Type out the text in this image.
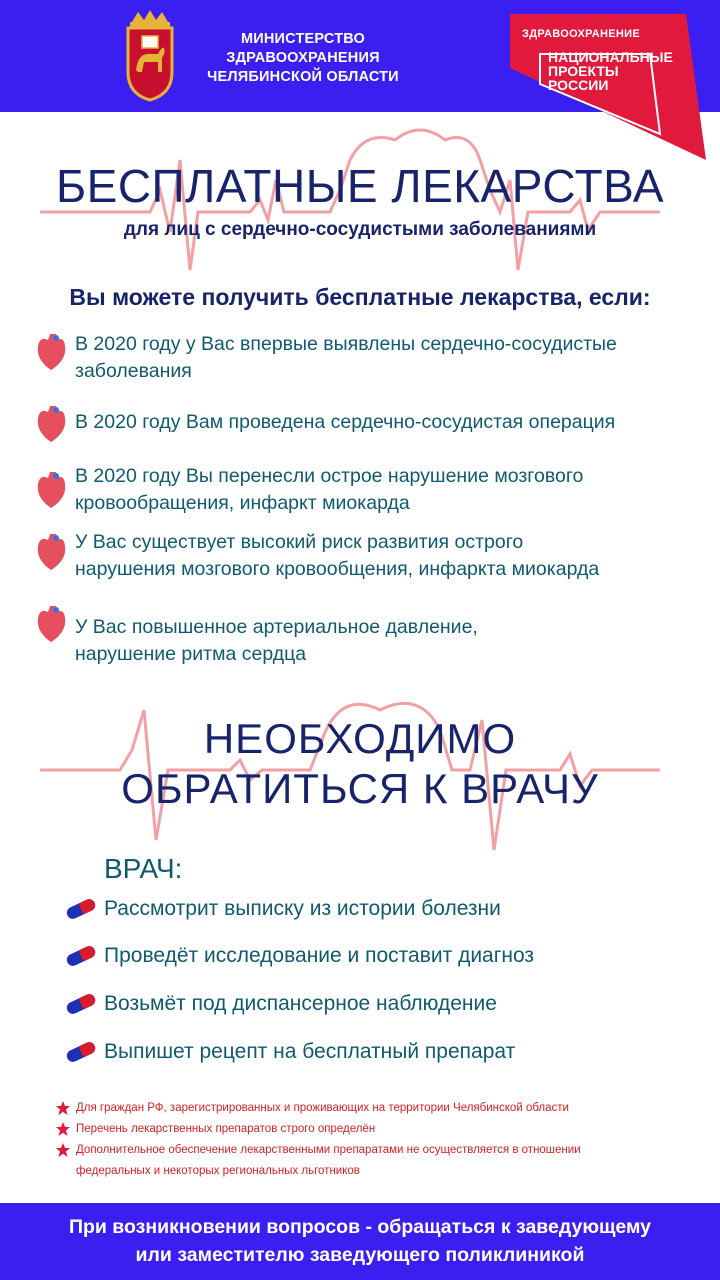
МИНИСТЕРСТВО
ЗДРАВООХРАНЕНИЯ
ЧЕЛЯБИНСКОЙ ОБЛАСТИ
ЗДРАВООХРАНЕНИЕ
НАЦИОНАЛЬНЫЕ
ПРОЕКТЫ
РОССИИ
БЕСПЛАТНЫЕ ЛЕКАРСТВА
для лиц с сердечно-сосудистыми заболеваниями
Вы можете получить бесплатные лекарства, если:
В 2020 году у Вас впервые выявлены сердечно-сосудистые
заболевания
В 2020 году Вам проведена сердечно-сосудистая операция
В 2020 году Вы перенесли острое нарушение мозгового
кровообращения, инфаркт миокарда
У Вас существует высокий риск развития острого
нарушения мозгового кровообщения, инфаркта миокарда
У Вас повышенное артериальное давление,
нарушение ритма сердца
НЕОБХОДИМО
ОБРАТИТЬСЯ К ВРАЧУ
ВРАЧ:
Рассмотрит выписку из истории болезни
Проведёт исследование и поставит диагноз
Возьмёт под диспансерное наблюдение
Выпишет рецепт на бесплатный препарат
Для граждан РФ, зарегистрированных и проживающих на территории Челябинской области
Перечень лекарственных препаратов строго определён
Дополнительное обеспечение лекарственными препаратами не осуществляется в отношении
федеральных и некоторых региональных льготников
При возникновении вопросов - обращаться к заведующему
или заместителю заведующего поликлиникой
